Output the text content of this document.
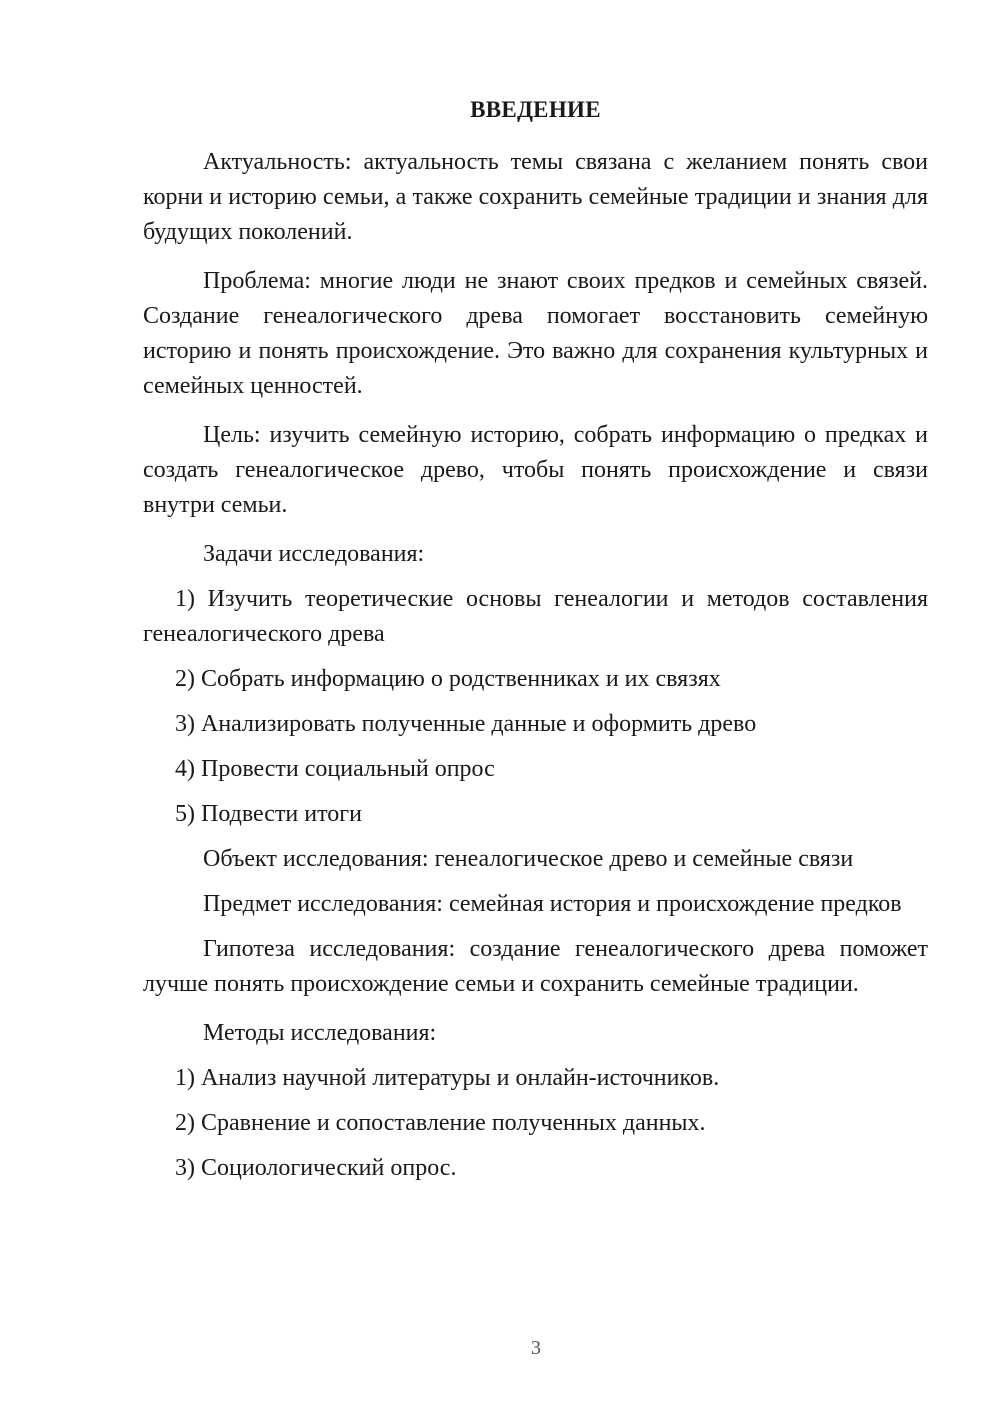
ВВЕДЕНИЕ

Актуальность: актуальность темы связана с желанием понять свои корни и историю семьи, а также сохранить семейные традиции и знания для будущих поколений.

Проблема: многие люди не знают своих предков и семейных связей. Создание генеалогического древа помогает восстановить семейную историю и понять происхождение. Это важно для сохранения культурных и семейных ценностей.

Цель: изучить семейную историю, собрать информацию о предках и создать генеалогическое древо, чтобы понять происхождение и связи внутри семьи.

Задачи исследования:

1) Изучить теоретические основы генеалогии и методов составления генеалогического древа

2) Собрать информацию о родственниках и их связях

3) Анализировать полученные данные и оформить древо

4) Провести социальный опрос

5) Подвести итоги

Объект исследования: генеалогическое древо и семейные связи

Предмет исследования: семейная история и происхождение предков

Гипотеза исследования: создание генеалогического древа поможет лучше понять происхождение семьи и сохранить семейные традиции.

Методы исследования:

1) Анализ научной литературы и онлайн-источников.

2) Сравнение и сопоставление полученных данных.

3) Социологический опрос.

3
